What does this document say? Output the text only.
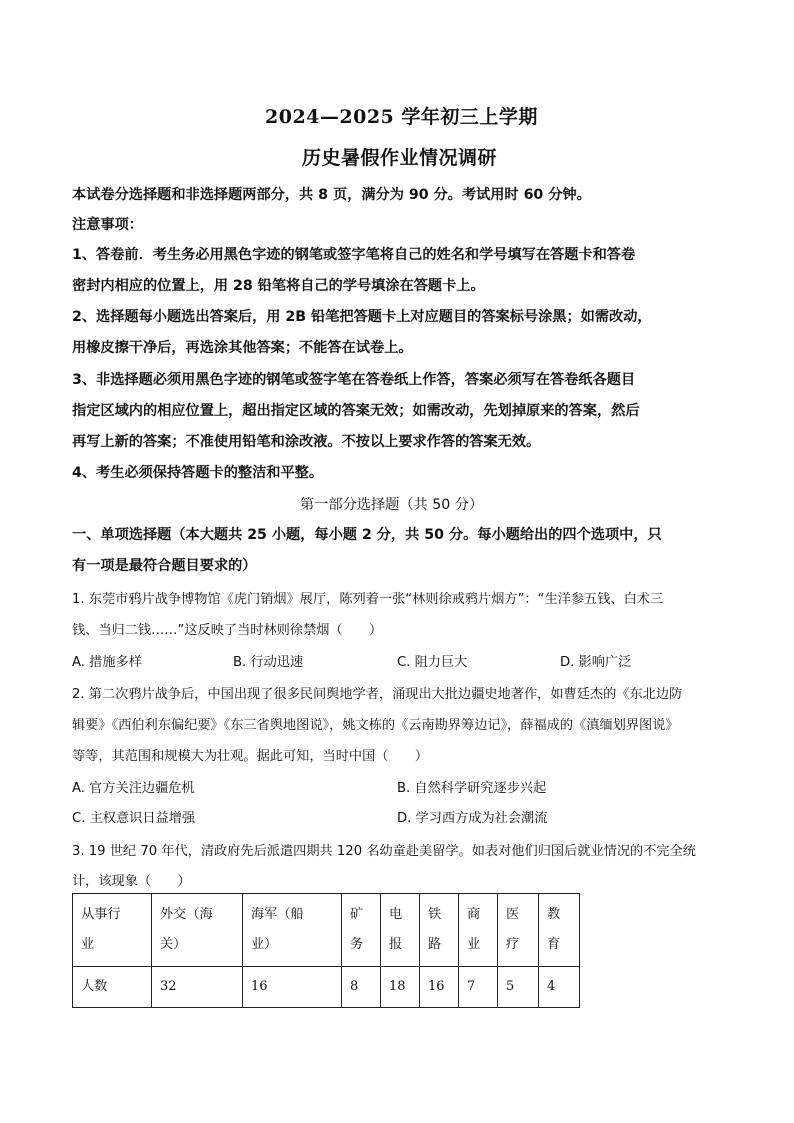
2024—2025 学年初三上学期
历史暑假作业情况调研
本试卷分选择题和非选择题两部分，共 8 页，满分为 90 分。考试用时 60 分钟。
注意事项：
1、答卷前．考生务必用黑色字迹的钢笔或签字笔将自己的姓名和学号填写在答题卡和答卷
密封内相应的位置上，用 28 铅笔将自己的学号填涂在答题卡上。
2、选择题每小题选出答案后，用 2B 铅笔把答题卡上对应题目的答案标号涂黑；如需改动，
用橡皮擦干净后，再选涂其他答案；不能答在试卷上。
3、非选择题必须用黑色字迹的钢笔或签字笔在答卷纸上作答，答案必须写在答卷纸各题目
指定区域内的相应位置上，超出指定区域的答案无效；如需改动，先划掉原来的答案，然后
再写上新的答案；不准使用铅笔和涂改液。不按以上要求作答的答案无效。
4、考生必须保持答题卡的整洁和平整。
第一部分选择题（共 50 分）
一、单项选择题（本大题共 25 小题，每小题 2 分，共 50 分。每小题给出的四个选项中，只
有一项是最符合题目要求的）
1. 东莞市鸦片战争博物馆《虎门销烟》展厅，陈列着一张“林则徐戒鸦片烟方”：“生洋参五钱、白术三
钱、当归二钱……”这反映了当时林则徐禁烟（　　）
A. 措施多样	B. 行动迅速	C. 阻力巨大	D. 影响广泛
2. 第二次鸦片战争后，中国出现了很多民间舆地学者，涌现出大批边疆史地著作，如曹廷杰的《东北边防
辑要》《西伯利东偏纪要》《东三省舆地图说》，姚文栋的《云南勘界筹边记》，薛福成的《滇缅划界图说》
等等，其范围和规模大为壮观。据此可知，当时中国（　　）
A. 官方关注边疆危机	B. 自然科学研究逐步兴起
C. 主权意识日益增强	D. 学习西方成为社会潮流
3. 19 世纪 70 年代，清政府先后派遣四期共 120 名幼童赴美留学。如表对他们归国后就业情况的不完全统
计，该现象（　　）
从事行
业	外交（海
关）	海军（船
业）	矿
务	电
报	铁
路	商
业	医
疗	教
育
人数	32	16	8	18	16	7	5	4
